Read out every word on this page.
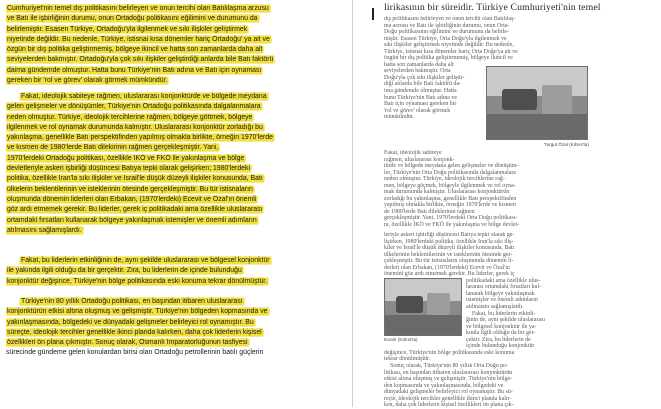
Cumhuriyet'nin temel dış politikasını belirleyen ve onun tercihi olan Batılılaşma arzusu
ve Batı ile işbirliğinin durumu, onun Ortadoğu politikasını eğilimini ve durumunu da
belirlemiştir. Esasen Türkiye, Ortadoğu'yla ilgilenmek ve sıkı ilişkiler geliştirmek
niyetinde değildir. Bu nedenle, Türkiye, istisnai kısa dönemler hariç Ortadoğu' ya ait ve
özgün bir dış politika geliştirmemiş, bölgeye ikincil ve hatta son zamanlarda daha alt
seviyelerden bakmıştır. Ortadoğu'yla çok sıkı ilişkiler geliştirdiği anlarda bile Batı faktörü
daima gündemde olmuştur. Hatta bunu Türkiye'nin Batı adına ve Batı için oynaması
gereken bir 'rol ve görev' olarak görmek mümkündür.
Fakat, ideolojik sabiteye rağmen, uluslararası konjonktürde ve bölgede meydana
gelen gelişmeler ve dönüşümler, Türkiye'nin Ortadoğu politikasında dalgalanmalara
neden olmuştur. Türkiye, ideolojik tercihlerine rağmen, bölgeye göttmek, bölgeye
ilgilenmek ve rol oynamak durumunda kalmıştır. Uluslararası konjonktür zorladığı bu
yakınlaşma, genellikle Batı perspektifinden yapılmış olmakla birlikte, örneğin 1970'lerde
ve kısmen de 1980'lerde Batı dilekirinin rağmen gerçekleşmiştir. Yani,
1970'lerdeki Ortadoğu politikası, özellikle İKÖ ve FKÖ ile yakınlaşma ve bölge
devletleriyle askeri işbirliği düşüncesi Batıya tepki olarak gelişirken; 1980'lerdeki
politika, özellikle İran'la sıkı ilişkiler ve İsrail'le düşük düzeyli ilişkiler konusunda, Batı
ülkelerin beklentilerinin ve isteklerinin ötesinde gerçekleşmiştir. Bu tür istisnaların
oluşmunda dönemin liderleri olan Erbakan, (1970'lerdeki) Ecevit ve Özal'ın önemli
göz ardı etmemek gerekir. Bu liderler, gerek iç politikadaki ama özellikle uluslararası
ortamdaki fırsatları kullanarak bölgeye yakınlaşmak istemişler ve önemli adımların
atılmasını sağlamışlardı.
Fakat, bu liderlerin etkinliğinin de, aynı şekilde uluslararası ve bölgesel konjonktür
ile yakında ilgili olduğu da bir gerçektir. Zira, bu liderlerin de içinde bulunduğu
konjonktür değişince, Türkiye'nin bölge politikasında eski konuma tekrar dönülmüştür.
Türkiye'nin 80 yıllık Ortadoğu politikası, en başından itibaren uluslararası
konjonktürün etkisi altına oluşmuş ve gelişmiştir. Türkiye'nin bölgeden kopmasında ve
yakınlaşmasında, bölgedeki ve dünyadaki gelişmeler belirleyici rol oynamıştır. Bu
süreçte, ideolojik tercihler genellikle ikinci planda kalırken, daha çok liderlerin kişisel
özellikleri ön plana çıkmıştır. Sonuç olarak, Osmanlı İmparatorluğunun tasfiyesi
sürecinde gündeme gelen konulardan birisi olan Ortadoğu petrollerinin batılı güçlerin
lirikasının bir süreidir. Türkiye Cumhuriyeti'nin temel
dış politikasını belirleyen ve onun tercihi olan Batılılaş-
ma arzusu ve Batı ile işbirliğinin durumu, onun Orta-
Doğu politikasının eğilimini ve durumunu da belirle-
miştir. Esasen Türkiye, Orta Doğu'yla ilgilenmek ve
sıkı ilişkiler geliştirmek niyetinde değildir. Bu nedenle,
Türkiye, istisnai kısa dönemler hariç Orta Doğu'ya ait ve
özgün bir dış politika geliştirmemiş, bölgeye ikincil ve
hatta son zamanlarda daha alt
seviyelerden bakmıştır. Orta
Doğu'yla çok sıkı ilişkiler geliştir-
diği anlarda bile Batı faktörü da-
ima gündemde olmuştur. Hatta
bunu Türkiye'nin Batı adına ve
Batı için oynaması gereken bir
'rol ve görev' olarak görmek
mümkündür.
Turgut Özal (Kıbrıs'ta)
Fakat, ideolojik sabiteye
rağmen, uluslararası konjonk-
türde ve bölgede meydana gelen gelişmeler ve dönüşüm-
ler, Türkiye'nin Orta Doğu politikasında dalgalanmalara
neden olmuştur. Türkiye, ideolojik tercihlerine rağ-
men, bölgeye göçmek, bölgeyle ilgilenmek ve rol oyna-
mak durumunda kalmıştır. Uluslararası konjonktürün
zorladığı bu yakınlaşma, genellikle Batı perspektifinden
yapılmış olmakla birlikte, örneğin 1970'lerde ve kısmen
de 1980'lerde Batı dileklerinin rağmen
gerçekleşmiştir. Yani, 1970'lerdeki Orta Doğu politikası-
nı, özellikle İKÖ ve FKÖ ile yakınlaşma ve bölge devlet-
leriyle askeri işbirliği düşüncesi Batıya tepki olarak ge-
lişirken, 1980'lerdeki politika, özellikle İran'la sıkı iliş-
kiler ve İsrail'le düşük düzeyli ilişkiler konusunda, Batı
ülkelerinin beklentilerinin ve isteklerinin ötesinde ger-
çekleşmiştir. Bu tür istisnaların oluşmunda dönemin li-
derleri olan Erbakan, (1970'lerdeki) Ecevit ve Özal'ın
önemini göz ardı etmemek gerekir. Bu liderler, gerek iç
politikadaki ama özellikle ulus-
lararası ortamdaki fırsatları kul-
lanarak bölgeye yakınlaşmak
istemişler ve önemli adımların
atılmasını sağlamışlardı.
Fakat, bu liderlerin etkinli-
ğinin de, aynı şekilde uluslararası
ve bölgesel konjonktür ile ya-
kında ilgili olduğu da bir ger-
çektir. Zira, bu liderlerin de
içinde bulunduğu konjonktür
değişince, Türkiye'nin bölge politikasında eski konuma
tekrar dönülmüştür.
Ecevit (Kıbrıs'ta)
Sonuç olarak, Türkiye'nin 80 yıllık Orta Doğu po-
litikası, en başından itibaren uluslararası konjonktürün
etkisi altına oluşmuş ve gelişmiştir. Türkiye'nin bölge-
den kopmasında ve yakınlaşmasında, bölgedeki ve
dünyadaki gelişmeler belirleyici rol oynamıştır. Bu sü-
reçte, ideolojik tercihler genellikle ikinci planda kalır-
ken, daha çok liderlerin kişisel özellikleri ön plana çık-
